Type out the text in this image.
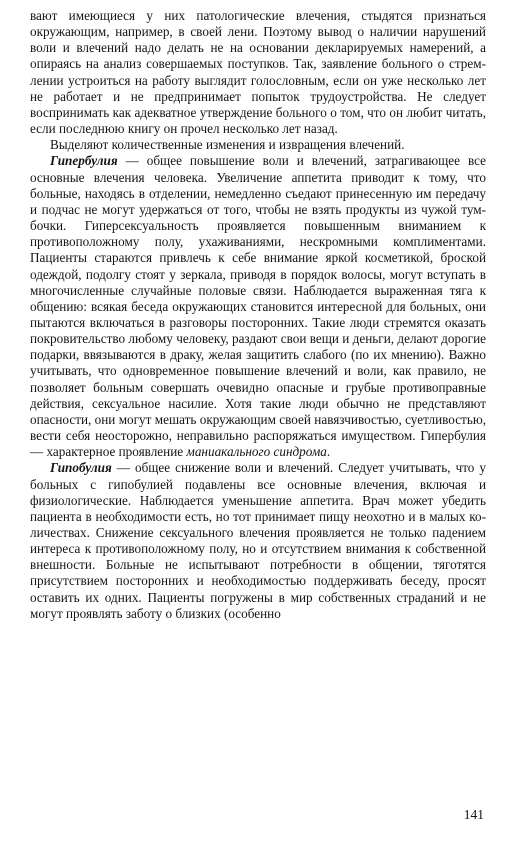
вают имеющиеся у них патологические влечения, стыдятся признаться окружающим, например, в своей лени. Поэтому вывод о наличии нарушений воли и влечений надо делать не на основании декларируемых намерений, а опираясь на анализ совершаемых поступков. Так, заявление больного о стремлении устроиться на работу выглядит голословным, если он уже несколько лет не работает и не предпринимает попыток трудоустройства. Не следует воспринимать как адекватное утверждение больного о том, что он любит читать, если последнюю книгу он прочел несколько лет назад.

Выделяют количественные изменения и извращения влечений.

Гипербулия — общее повышение воли и влечений, затрагивающее все основные влечения человека. Увеличение аппетита приводит к тому, что больные, находясь в отделении, немедленно съедают принесенную им передачу и подчас не могут удержаться от того, чтобы не взять продукты из чужой тумбочки. Гиперсексуальность проявляется повышенным вниманием к противоположному полу, ухаживаниями, нескромными комплиментами. Пациенты стараются привлечь к себе внимание яркой косметикой, броской одеждой, подолгу стоят у зеркала, приводя в порядок волосы, могут вступать в многочисленные случайные половые связи. Наблюдается выраженная тяга к общению: всякая беседа окружающих становится интересной для больных, они пытаются включаться в разговоры посторонних. Такие люди стремятся оказать покровительство любому человеку, раздают свои вещи и деньги, делают дорогие подарки, ввязываются в драку, желая защитить слабого (по их мнению). Важно учитывать, что одновременное повышение влечений и воли, как правило, не позволяет больным совершать очевидно опасные и грубые противоправные действия, сексуальное насилие. Хотя такие люди обычно не представляют опасности, они могут мешать окружающим своей навязчивостью, суетливостью, вести себя неосторожно, неправильно распоряжаться имуществом. Гипербулия — характерное проявление маниакального синдрома.

Гипобулия — общее снижение воли и влечений. Следует учитывать, что у больных с гипобулией подавлены все основные влечения, включая и физиологические. Наблюдается уменьшение аппетита. Врач может убедить пациента в необходимости есть, но тот принимает пищу неохотно и в малых количествах. Снижение сексуального влечения проявляется не только падением интереса к противоположному полу, но и отсутствием внимания к собственной внешности. Больные не испытывают потребности в общении, тяготятся присутствием посторонних и необходимостью поддерживать беседу, просят оставить их одних. Пациенты погружены в мир собственных страданий и не могут проявлять заботу о близких (особенно

141
